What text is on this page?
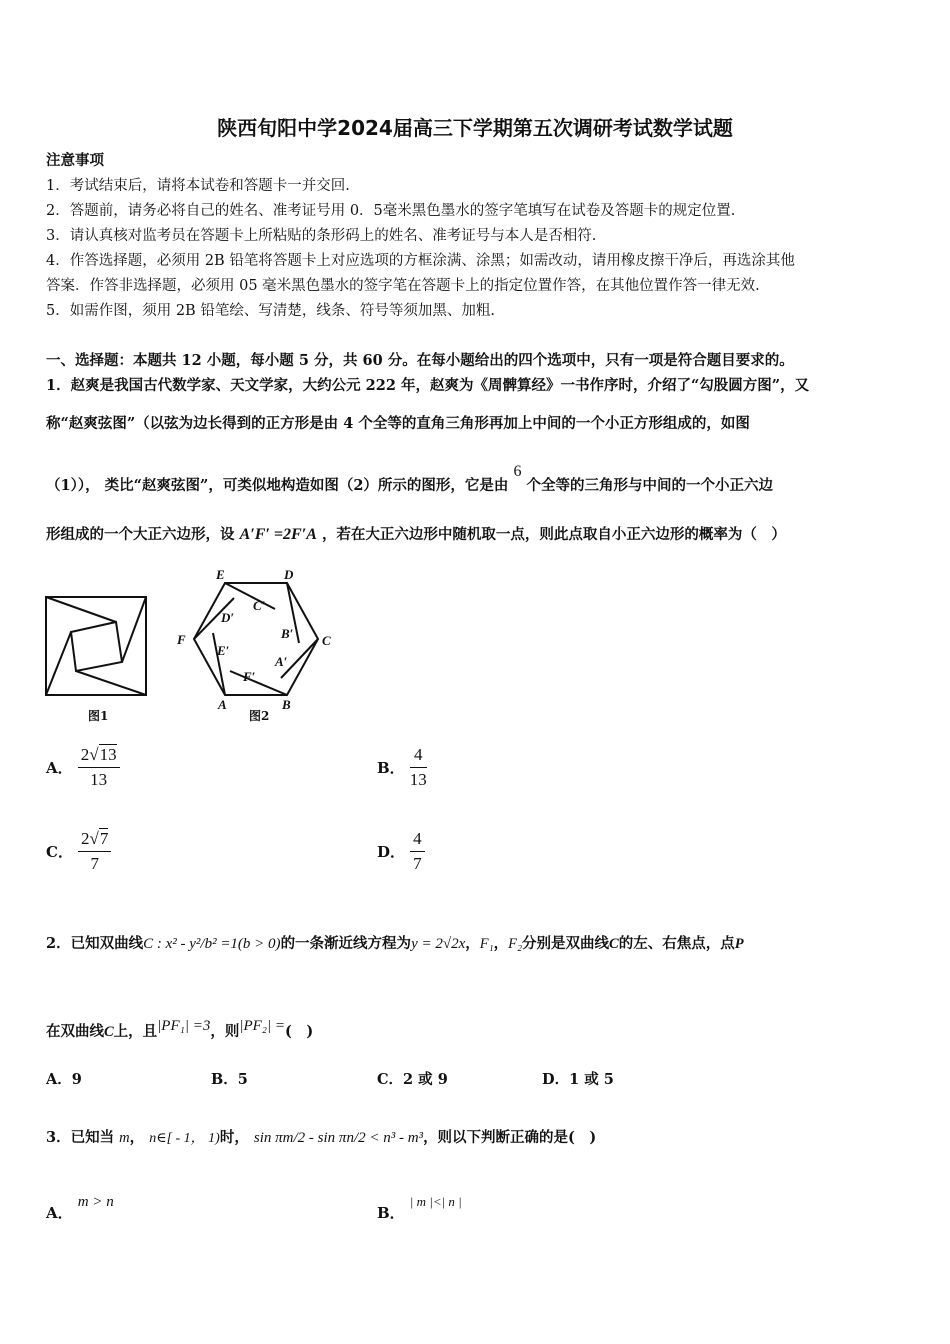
陕西旬阳中学2024届高三下学期第五次调研考试数学试题
注意事项
1．考试结束后，请将本试卷和答题卡一并交回.
2．答题前，请务必将自己的姓名、准考证号用 0．5毫米黑色墨水的签字笔填写在试卷及答题卡的规定位置.
3．请认真核对监考员在答题卡上所粘贴的条形码上的姓名、准考证号与本人是否相符.
4．作答选择题，必须用 2B 铅笔将答题卡上对应选项的方框涂满、涂黑；如需改动，请用橡皮擦干净后，再选涂其他
答案．作答非选择题，必须用 05 毫米黑色墨水的签字笔在答题卡上的指定位置作答，在其他位置作答一律无效.
5．如需作图，须用 2B 铅笔绘、写清楚，线条、符号等须加黑、加粗.
一、选择题：本题共 12 小题，每小题 5 分，共 60 分。在每小题给出的四个选项中，只有一项是符合题目要求的。
1．赵爽是我国古代数学家、天文学家，大约公元 222 年，赵爽为《周髀算经》一书作序时，介绍了“勾股圆方图”，又
称“赵爽弦图”（以弦为边长得到的正方形是由 4 个全等的直角三角形再加上中间的一个小正方形组成的，如图
（1））， 类比“赵爽弦图”，可类似地构造如图（2）所示的图形，它是由 6 个全等的三角形与中间的一个小正六边
形组成的一个大正六边形，设 A′F′ =2F′A ，若在大正六边形中随机取一点，则此点取自小正六边形的概率为（　）
图1
E	D
F	C
A	B
D′
C′
B′
E′
A′
F′
图2
A． $\frac{2√13}{13}$	B． $\frac{4}{13}$
C． $\frac{2√7}{7}$	D． $\frac{4}{7}$
2．已知双曲线C : x² - y²/b² =1(b > 0)的一条渐近线方程为y = 2√2x，F₁，F₂分别是双曲线C的左、右焦点，点P
在双曲线C上，且|PF₁| =3，则|PF₂| =(　)
A．9	B．5	C．2 或 9	D．1 或 5
3．已知当 m， n∈[ - 1， 1)时， sin πm/2 - sin πn/2 < n³ - m³，则以下判断正确的是(　)
A． m > n
B． | m |<| n |
